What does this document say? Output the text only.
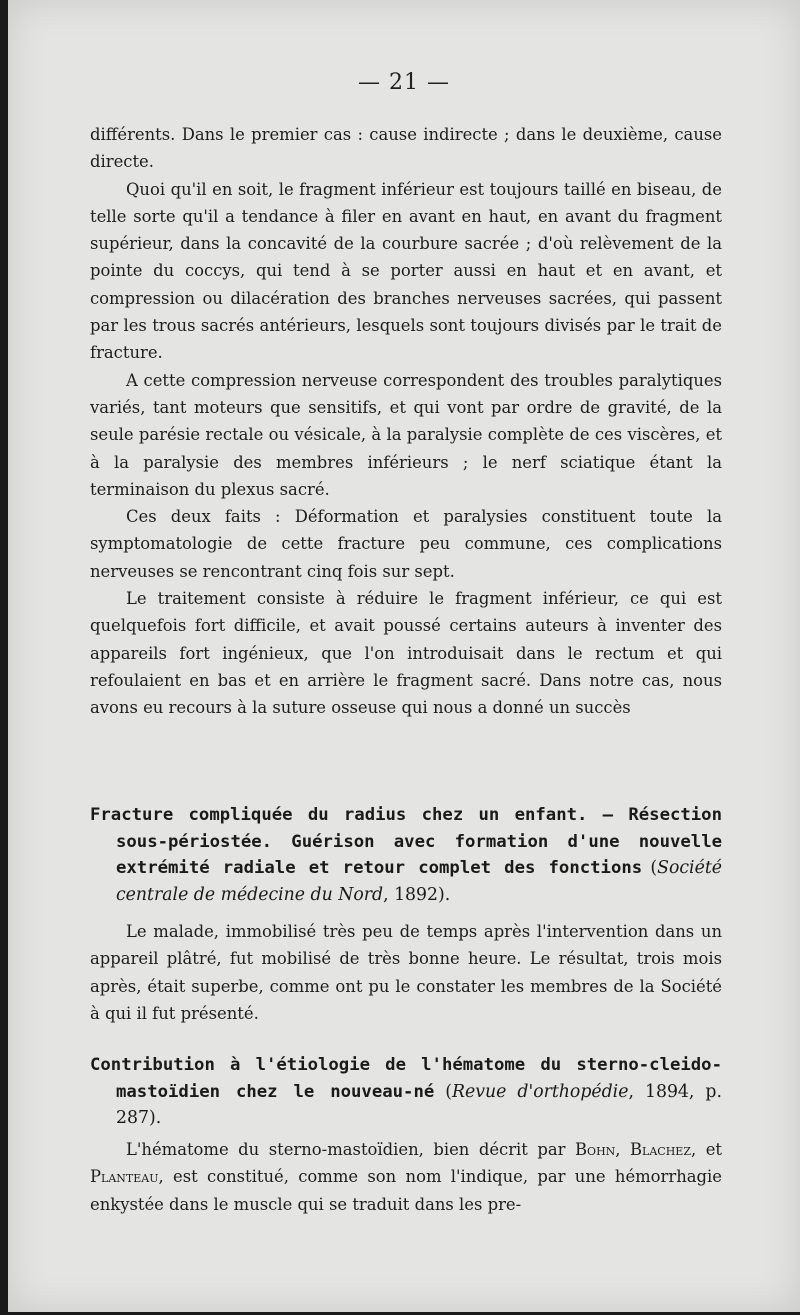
— 21 —

différents. Dans le premier cas : cause indirecte ; dans le deuxième, cause directe.

Quoi qu'il en soit, le fragment inférieur est toujours taillé en biseau, de telle sorte qu'il a tendance à filer en avant en haut, en avant du fragment supérieur, dans la concavité de la courbure sacrée ; d'où relèvement de la pointe du coccys, qui tend à se porter aussi en haut et en avant, et compression ou dilacération des branches nerveuses sacrées, qui passent par les trous sacrés antérieurs, lesquels sont toujours divisés par le trait de fracture.

A cette compression nerveuse correspondent des troubles paralytiques variés, tant moteurs que sensitifs, et qui vont par ordre de gravité, de la seule parésie rectale ou vésicale, à la paralysie complète de ces viscères, et à la paralysie des membres inférieurs ; le nerf sciatique étant la terminaison du plexus sacré.

Ces deux faits : Déformation et paralysies constituent toute la symptomatologie de cette fracture peu commune, ces complications nerveuses se rencontrant cinq fois sur sept.

Le traitement consiste à réduire le fragment inférieur, ce qui est quelquefois fort difficile, et avait poussé certains auteurs à inventer des appareils fort ingénieux, que l'on introduisait dans le rectum et qui refoulaient en bas et en arrière le fragment sacré. Dans notre cas, nous avons eu recours à la suture osseuse qui nous a donné un succès

Fracture compliquée du radius chez un enfant. — Résection sous-périostée. Guérison avec formation d'une nouvelle extrémité radiale et retour complet des fonctions (Société centrale de médecine du Nord, 1892).

Le malade, immobilisé très peu de temps après l'intervention dans un appareil plâtré, fut mobilisé de très bonne heure. Le résultat, trois mois après, était superbe, comme ont pu le constater les membres de la Société à qui il fut présenté.

Contribution à l'étiologie de l'hématome du sterno-cleido-mastoïdien chez le nouveau-né (Revue d'orthopédie, 1894, p. 287).

L'hématome du sterno-mastoïdien, bien décrit par Bohn, Blachez, et Planteau, est constitué, comme son nom l'indique, par une hémorrhagie enkystée dans le muscle qui se traduit dans les pre-
